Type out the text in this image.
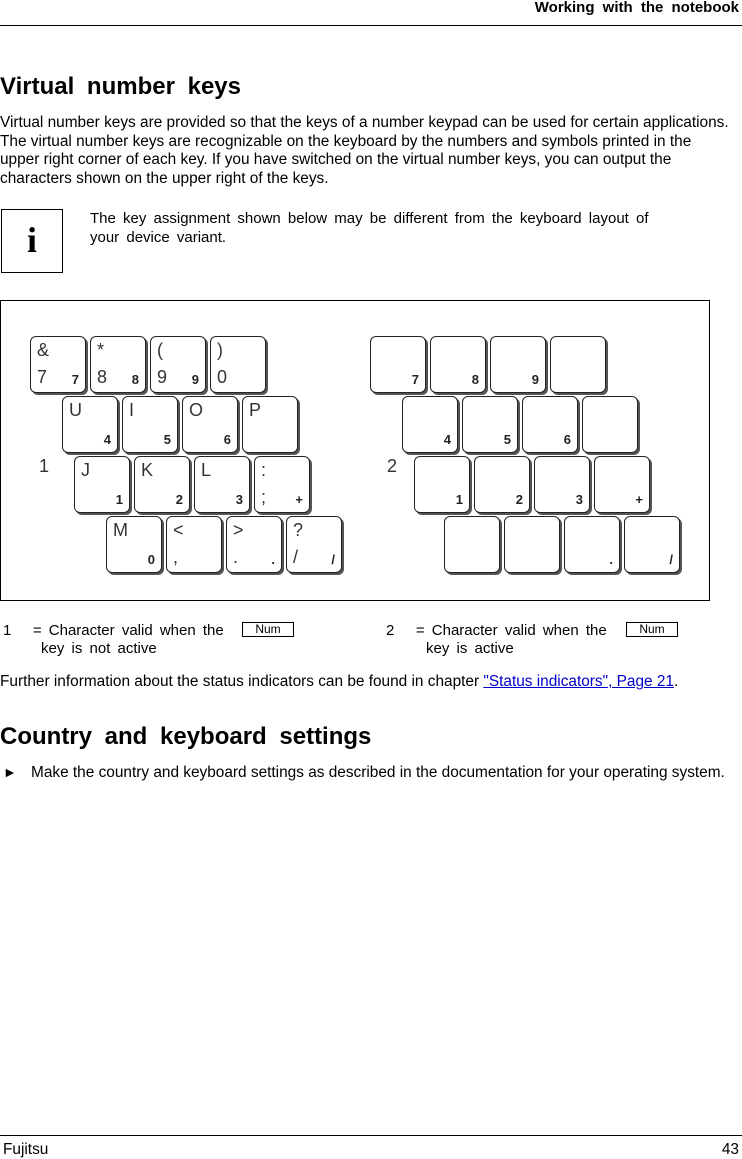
Working with the notebook
Virtual number keys
Virtual number keys are provided so that the keys of a number keypad can be used for certain applications. The virtual number keys are recognizable on the keyboard by the numbers and symbols printed in the upper right corner of each key. If you have switched on the virtual number keys, you can output the characters shown on the upper right of the keys.
i
The key assignment shown below may be different from the keyboard layout of your device variant.
&
7 7
*
8 8
(
9 9
)
0
U
4
I
5
O
6
P
J
1
K
2
L
3
:
; +
M
0
<
,
>
.	.
?
/	/
7	8	9
4	5	6
1	2	3	+
.	/
1	2
1 = Character valid when the	Num
key is not active
2 = Character valid when the	Num
key is active
Further information about the status indicators can be found in chapter "Status indicators", Page 21.
Country and keyboard settings
► Make the country and keyboard settings as described in the documentation for your operating system.
Fujitsu	43
